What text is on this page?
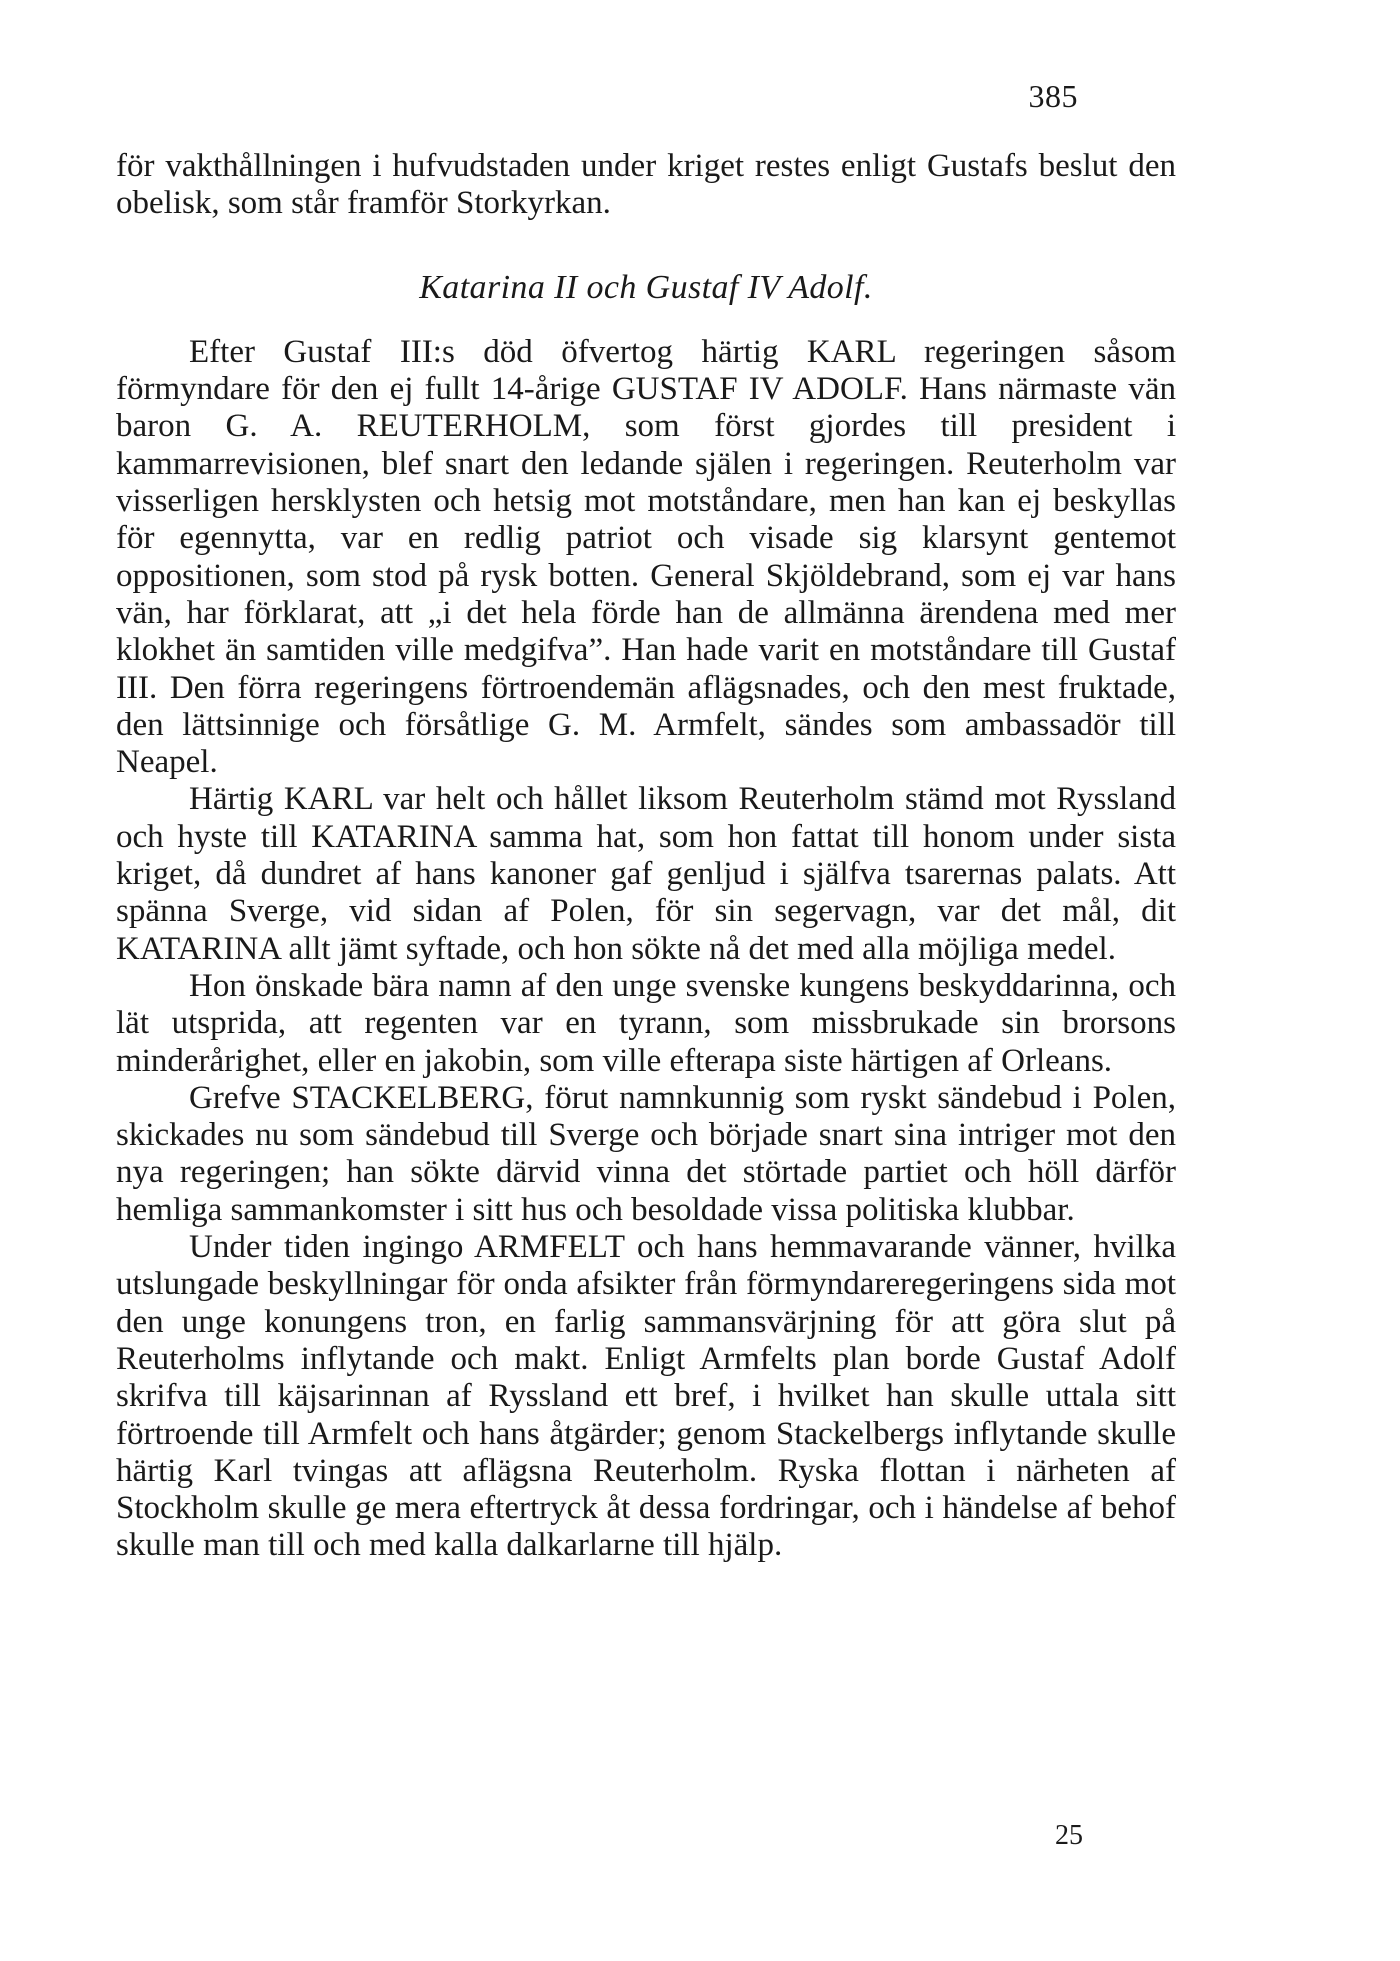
385

för vakthållningen i hufvudstaden under kriget restes enligt Gustafs beslut den obelisk, som står framför Storkyrkan.

Katarina II och Gustaf IV Adolf.

Efter Gustaf III:s död öfvertog härtig KARL regeringen såsom förmyndare för den ej fullt 14-årige GUSTAF IV ADOLF. Hans närmaste vän baron G. A. REUTERHOLM, som först gjordes till president i kammarrevisionen, blef snart den ledande själen i regeringen. Reuterholm var visserligen hersklysten och hetsig mot motståndare, men han kan ej beskyllas för egennytta, var en redlig patriot och visade sig klarsynt gentemot oppositionen, som stod på rysk botten. General Skjöldebrand, som ej var hans vän, har förklarat, att „i det hela förde han de allmänna ärendena med mer klokhet än samtiden ville medgifva”. Han hade varit en motståndare till Gustaf III. Den förra regeringens förtroendemän aflägsnades, och den mest fruktade, den lättsinnige och försåtlige G. M. Armfelt, sändes som ambassadör till Neapel.

Härtig KARL var helt och hållet liksom Reuterholm stämd mot Ryssland och hyste till KATARINA samma hat, som hon fattat till honom under sista kriget, då dundret af hans kanoner gaf genljud i själfva tsarernas palats. Att spänna Sverge, vid sidan af Polen, för sin segervagn, var det mål, dit KATARINA allt jämt syftade, och hon sökte nå det med alla möjliga medel.

Hon önskade bära namn af den unge svenske kungens beskyddarinna, och lät utsprida, att regenten var en tyrann, som missbrukade sin brorsons minderårighet, eller en jakobin, som ville efterapa siste härtigen af Orleans.

Grefve STACKELBERG, förut namnkunnig som ryskt sändebud i Polen, skickades nu som sändebud till Sverge och började snart sina intriger mot den nya regeringen; han sökte därvid vinna det störtade partiet och höll därför hemliga sammankomster i sitt hus och besoldade vissa politiska klubbar.

Under tiden ingingo ARMFELT och hans hemmavarande vänner, hvilka utslungade beskyllningar för onda afsikter från förmyndareregeringens sida mot den unge konungens tron, en farlig sammansvärjning för att göra slut på Reuterholms inflytande och makt. Enligt Armfelts plan borde Gustaf Adolf skrifva till käjsarinnan af Ryssland ett bref, i hvilket han skulle uttala sitt förtroende till Armfelt och hans åtgärder; genom Stackelbergs inflytande skulle härtig Karl tvingas att aflägsna Reuterholm. Ryska flottan i närheten af Stockholm skulle ge mera eftertryck åt dessa fordringar, och i händelse af behof skulle man till och med kalla dalkarlarne till hjälp.

25
